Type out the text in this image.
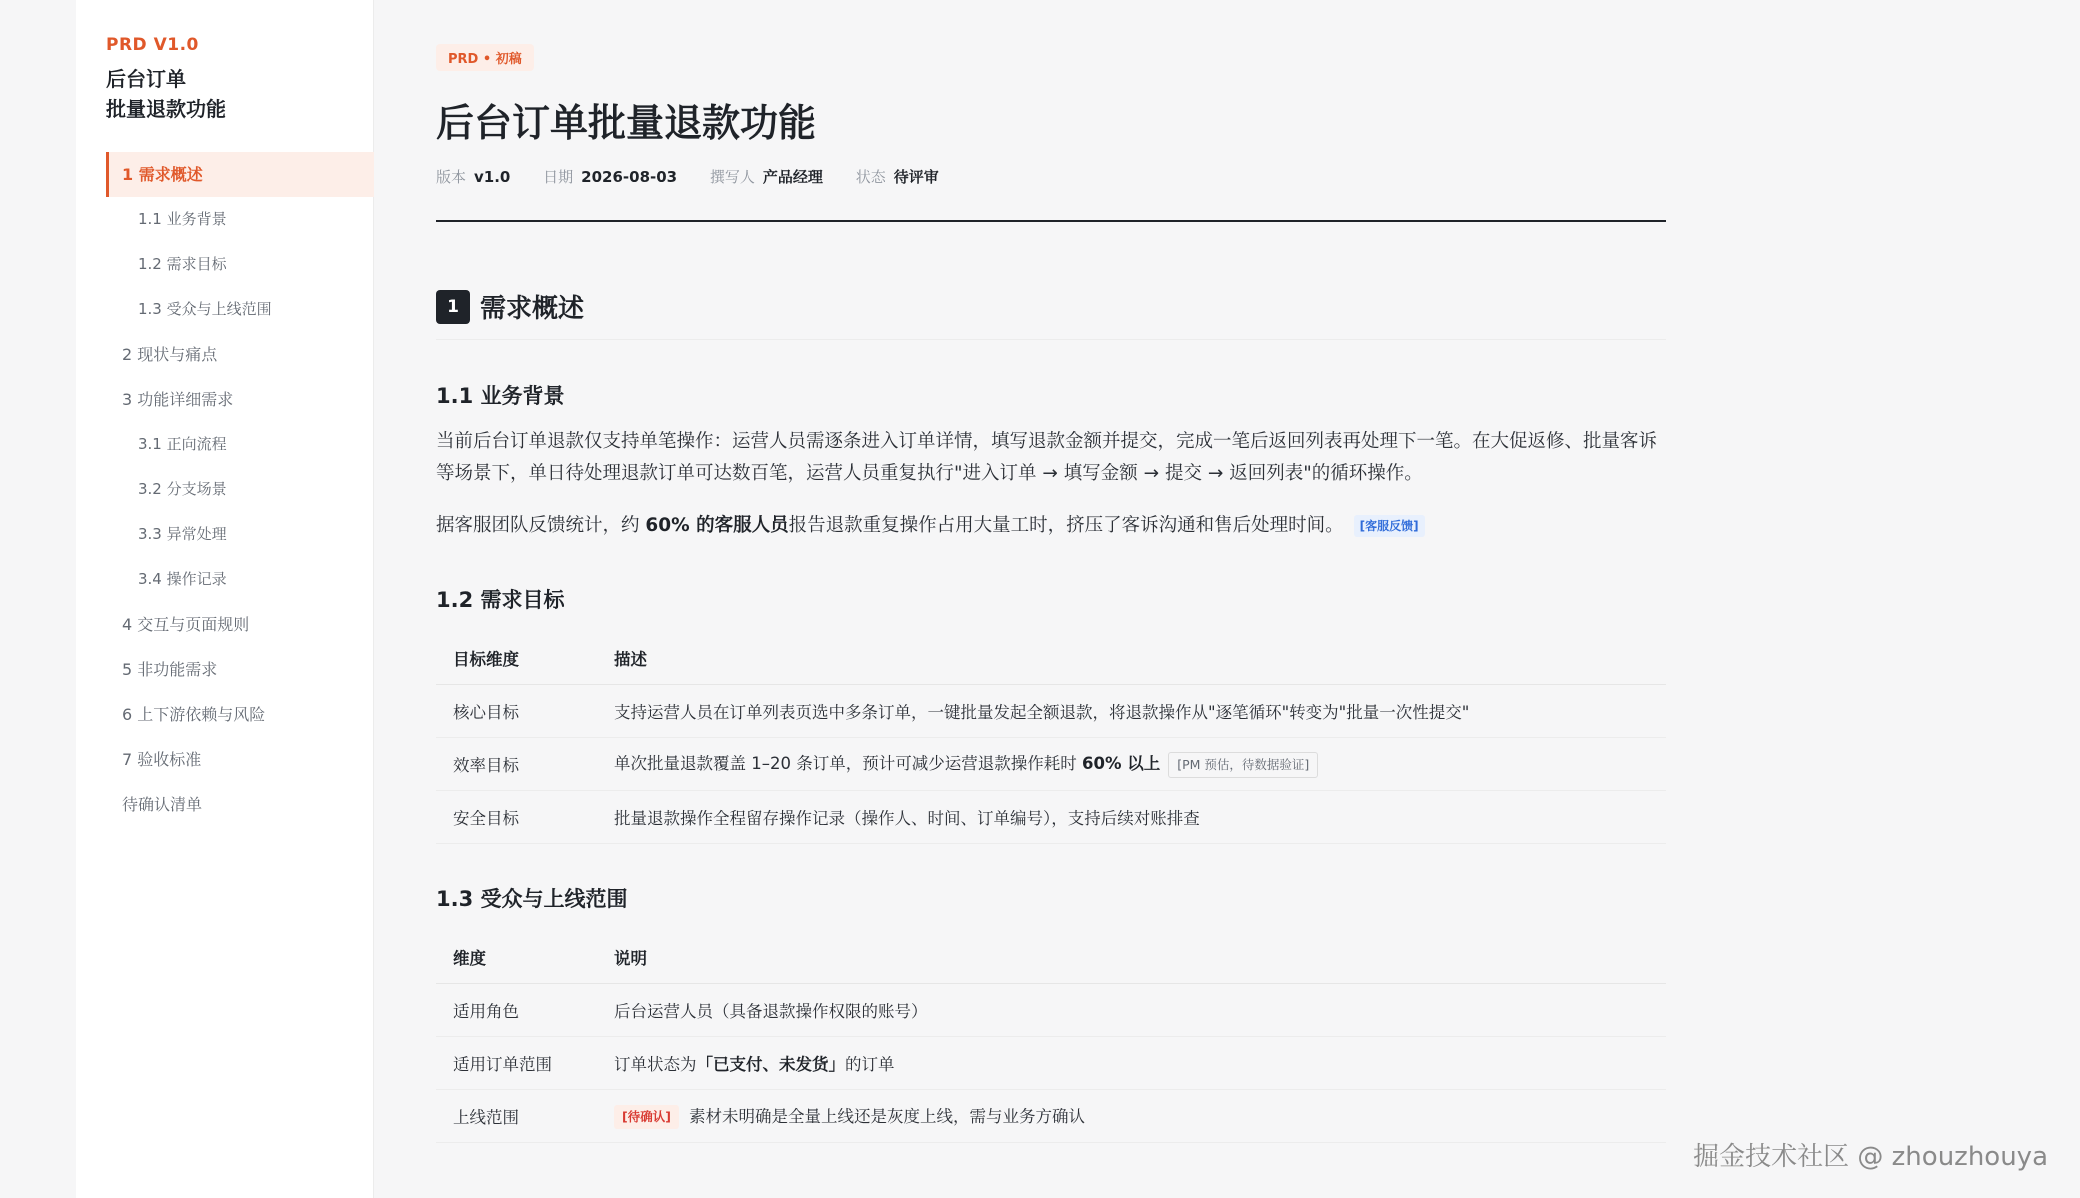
PRD V1.0
后台订单
批量退款功能
1 需求概述
1.1 业务背景
1.2 需求目标
1.3 受众与上线范围
2 现状与痛点
3 功能详细需求
3.1 正向流程
3.2 分支场景
3.3 异常处理
3.4 操作记录
4 交互与页面规则
5 非功能需求
6 上下游依赖与风险
7 验收标准
待确认清单
PRD • 初稿
后台订单批量退款功能
版本 v1.0 日期 2026-08-03 撰写人 产品经理 状态 待评审
1 需求概述
1.1 业务背景

当前后台订单退款仅支持单笔操作：运营人员需逐条进入订单详情，填写退款金额并提交，完成一笔后返回列表再处理下一笔。在大促返修、批量客诉等场景下，单日待处理退款订单可达数百笔，运营人员重复执行"进入订单 → 填写金额 → 提交 → 返回列表"的循环操作。

据客服团队反馈统计，约 60% 的客服人员报告退款重复操作占用大量工时，挤压了客诉沟通和售后处理时间。 [客服反馈]

1.2 需求目标
目标维度	描述
核心目标	支持运营人员在订单列表页选中多条订单，一键批量发起全额退款，将退款操作从"逐笔循环"转变为"批量一次性提交"
效率目标	单次批量退款覆盖 1–20 条订单，预计可减少运营退款操作耗时 60% 以上 [PM 预估，待数据验证]
安全目标	批量退款操作全程留存操作记录（操作人、时间、订单编号），支持后续对账排查
1.3 受众与上线范围
维度	说明
适用角色	后台运营人员（具备退款操作权限的账号）
适用订单范围	订单状态为「已支付、未发货」的订单
上线范围	[待确认] 素材未明确是全量上线还是灰度上线，需与业务方确认
掘金技术社区 @ zhouzhouya
